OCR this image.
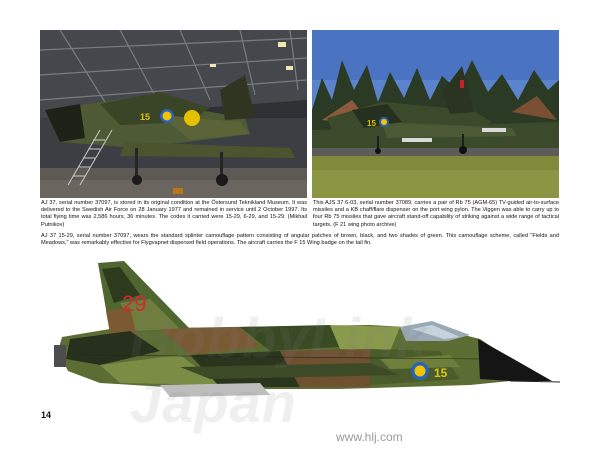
15
15
AJ 37, serial number 37097, is stored in its original condition at the Östersund Teknikland Museum. It was delivered to the Swedish Air Force on 28 January 1977 and remained in service until 2 October 1997. Its total flying time was 2,586 hours, 36 minutes. The codes it carried were 15-29, 6-29, and 15-29. (Mikhail Putnikov)
This AJS 37 6-03, serial number 37089, carries a pair of Rb 75 (AGM-65) TV-guided air-to-surface missiles and a KB chaff/flare dispenser on the port wing pylon. The Viggen was able to carry up to four Rb 75 missiles that gave aircraft stand-off capability of striking against a wide range of tactical targets. (F 21 wing photo archive)
AJ 37 15-29, serial number 37097, wears the standard splinter camouflage pattern consisting of angular patches of brown, black, and two shades of green. This camouflage scheme, called "Fields and Meadows," was remarkably effective for Flygvapnet dispersed field operations. The aircraft carries the F 15 Wing badge on the tail fin.
29
15
HobbyLink Japan
www.hlj.com
14
